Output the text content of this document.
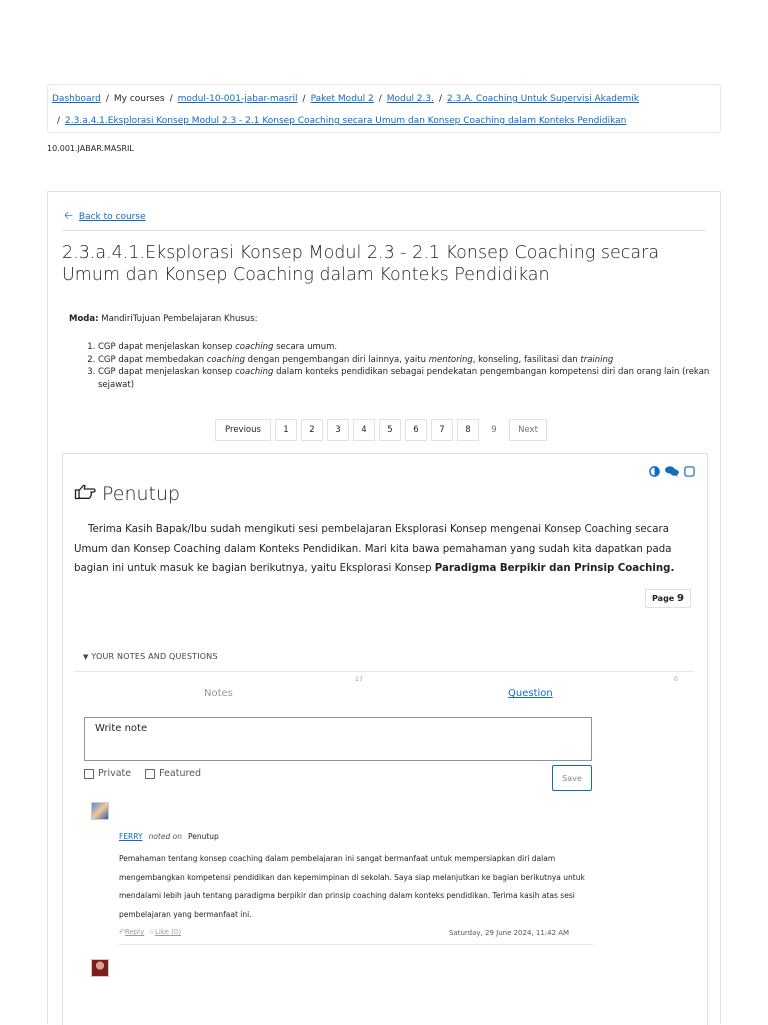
Dashboard / My courses / modul-10-001-jabar-masril / Paket Modul 2 / Modul 2.3. / 2.3.A. Coaching Untuk Supervisi Akademik
/ 2.3.a.4.1.Eksplorasi Konsep Modul 2.3 - 2.1 Konsep Coaching secara Umum dan Konsep Coaching dalam Konteks Pendidikan
10.001.JABAR.MASRIL
🡠 Back to course
2.3.a.4.1.Eksplorasi Konsep Modul 2.3 - 2.1 Konsep Coaching secara Umum dan Konsep Coaching dalam Konteks Pendidikan
Moda: MandiriTujuan Pembelajaran Khusus:
1. CGP dapat menjelaskan konsep coaching secara umum.
2. CGP dapat membedakan coaching dengan pengembangan diri lainnya, yaitu mentoring, konseling, fasilitasi dan training
3. CGP dapat menjelaskan konsep coaching dalam konteks pendidikan sebagai pendekatan pengembangan kompetensi diri dan orang lain (rekan sejawat)
Previous	1	2	3	4	5	6	7	8	9	Next
Penutup

Terima Kasih Bapak/Ibu sudah mengikuti sesi pembelajaran Eksplorasi Konsep mengenai Konsep Coaching secara Umum dan Konsep Coaching dalam Konteks Pendidikan. Mari kita bawa pemahaman yang sudah kita dapatkan pada bagian ini untuk masuk ke bagian berikutnya, yaitu Eksplorasi Konsep Paradigma Berpikir dan Prinsip Coaching.

Page 9
▼ YOUR NOTES AND QUESTIONS
Notes
17
Question
0
Write note
Private	Featured	Save
FERRY noted on Penutup

Pemahaman tentang konsep coaching dalam pembelajaran ini sangat bermanfaat untuk mempersiapkan diri dalam mengembangkan kompetensi pendidikan dan kepemimpinan di sekolah. Saya siap melanjutkan ke bagian berikutnya untuk mendalami lebih jauh tentang paradigma berpikir dan prinsip coaching dalam konteks pendidikan. Terima kasih atas sesi pembelajaran yang bermanfaat ini.

↶Reply ☆Like (0)	Saturday, 29 June 2024, 11:42 AM
